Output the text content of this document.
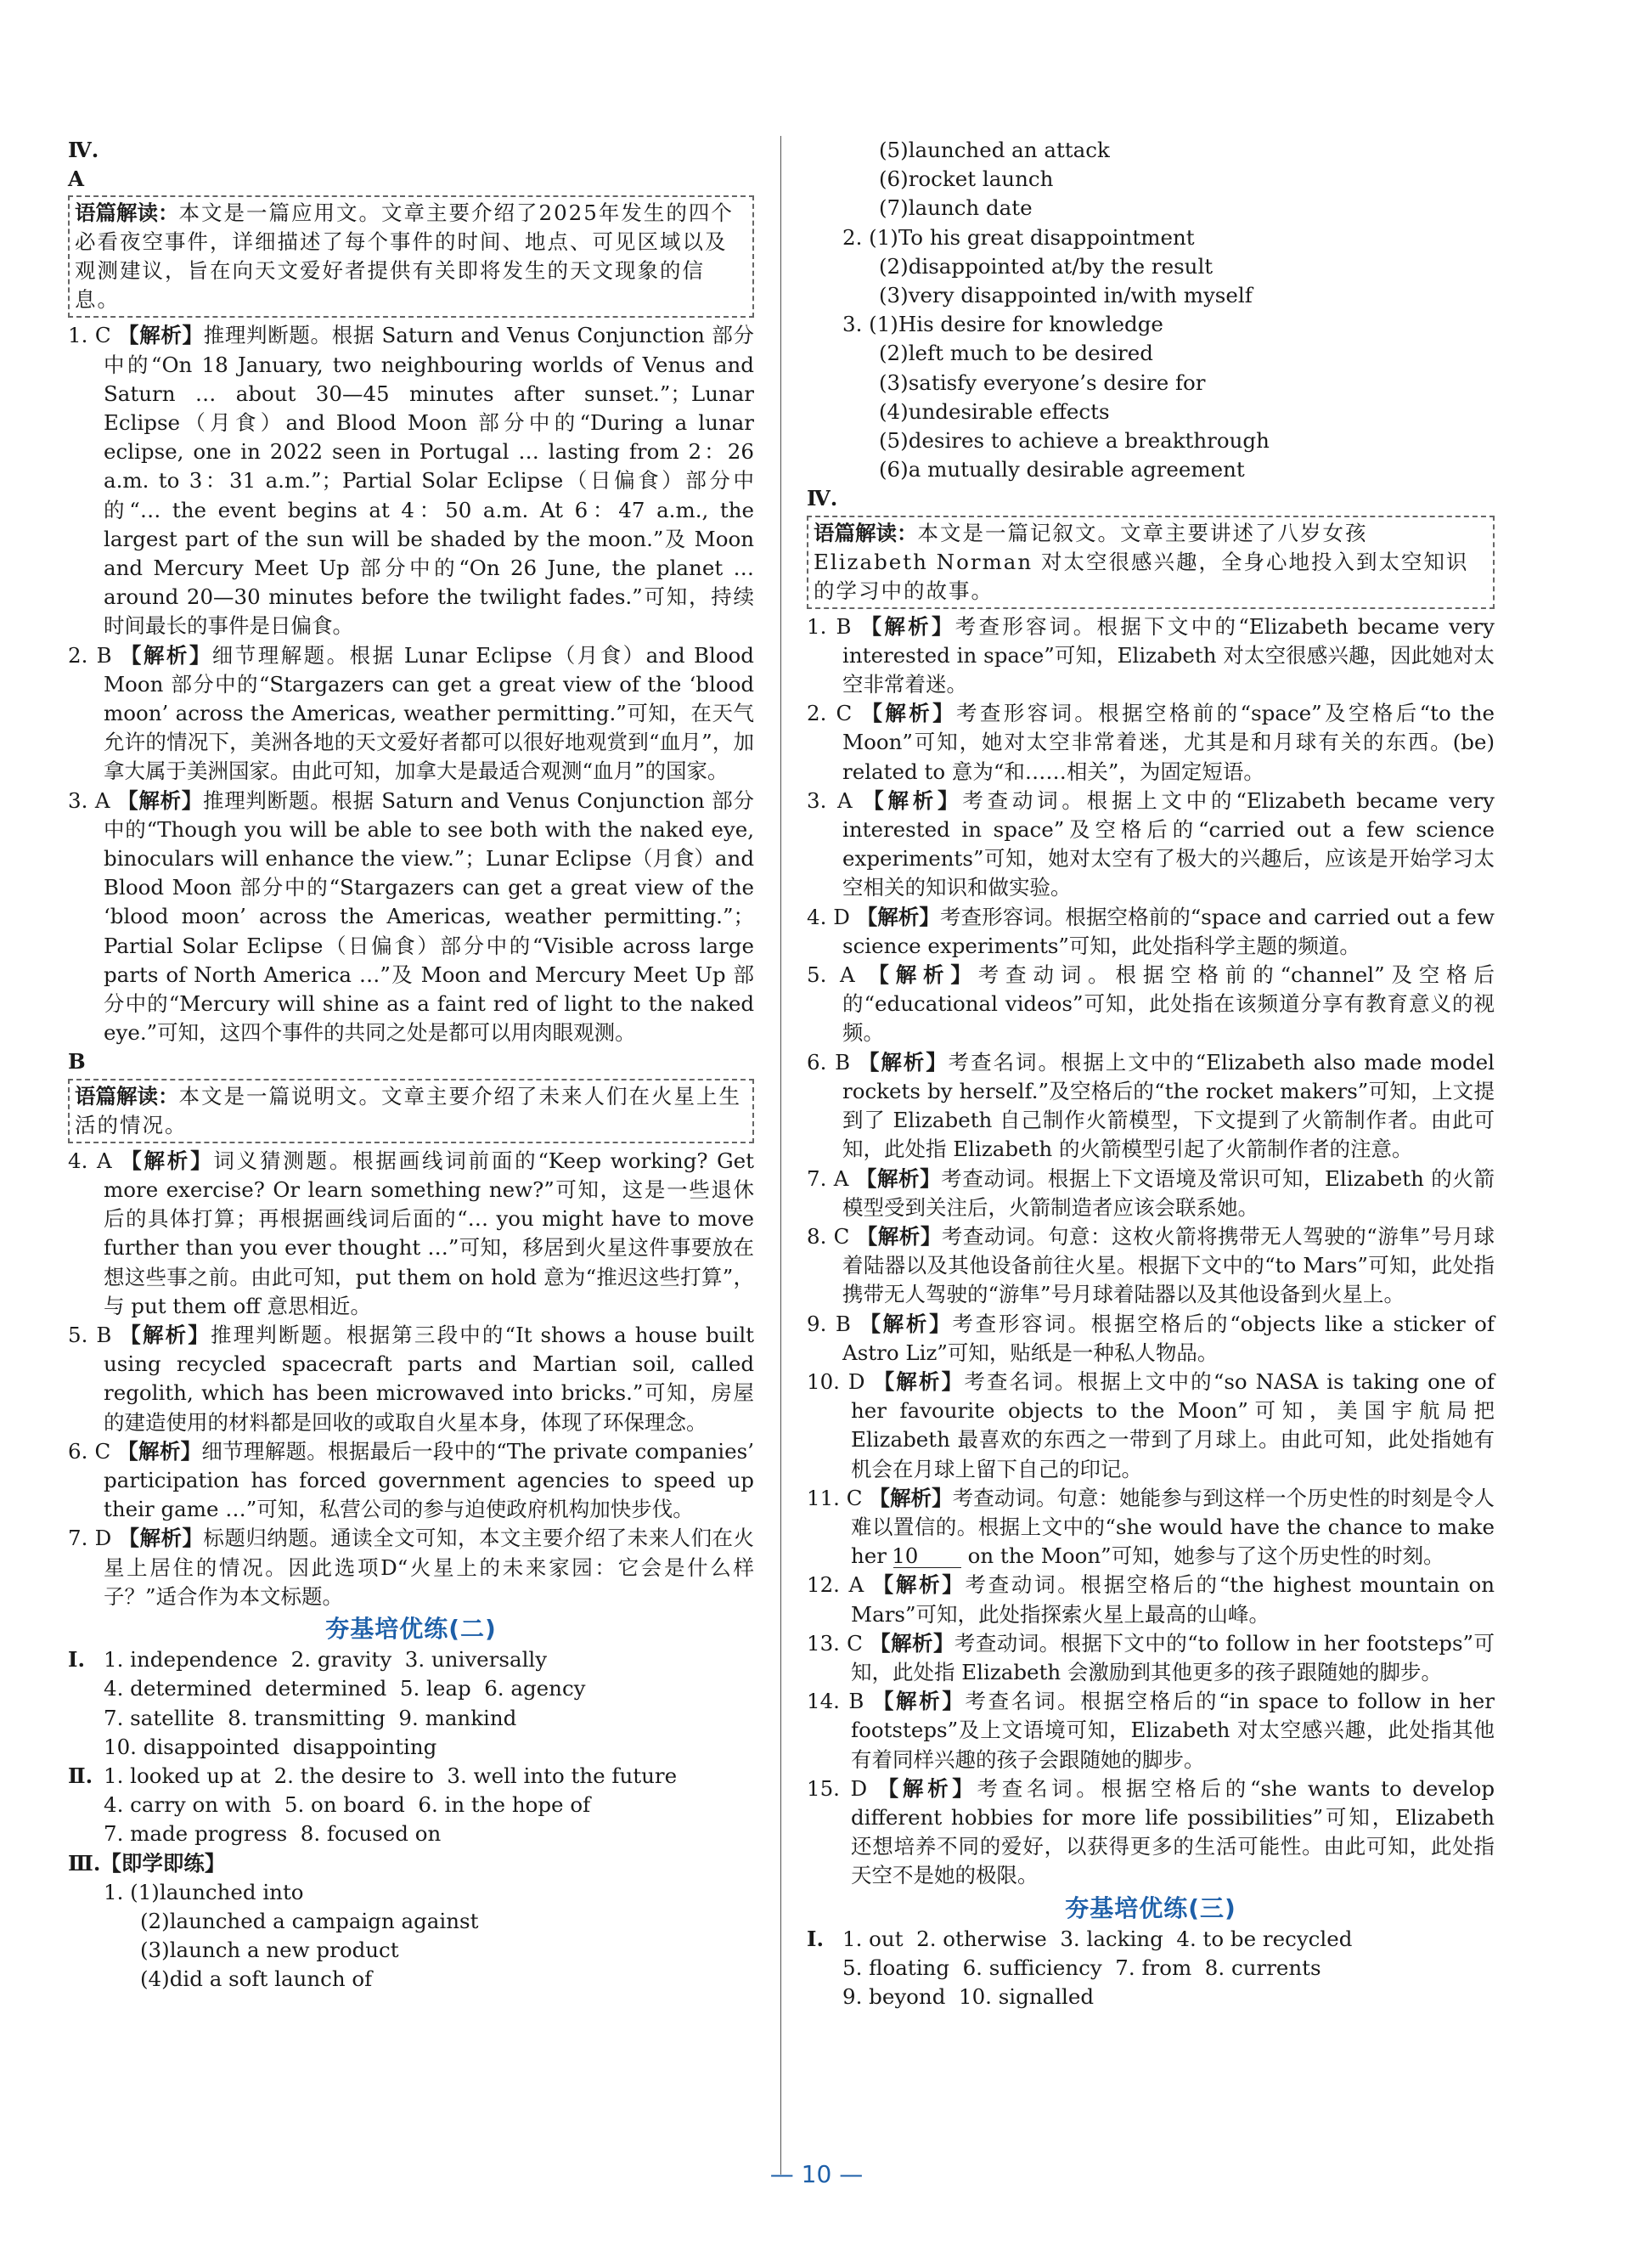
Ⅳ.
A
语篇解读：本文是一篇应用文。文章主要介绍了2025年发生的四个必看夜空事件，详细描述了每个事件的时间、地点、可见区域以及观测建议，旨在向天文爱好者提供有关即将发生的天文现象的信息。
1. C 【解析】推理判断题。根据 Saturn and Venus Conjunction 部分中的“On 18 January, two neighbouring worlds of Venus and Saturn … about 30—45 minutes after sunset.”；Lunar Eclipse（月食）and Blood Moon 部分中的“During a lunar eclipse, one in 2022 seen in Portugal … lasting from 2：26 a.m. to 3：31 a.m.”；Partial Solar Eclipse（日偏食）部分中的“… the event begins at 4：50 a.m. At 6：47 a.m., the largest part of the sun will be shaded by the moon.”及 Moon and Mercury Meet Up 部分中的“On 26 June, the planet … around 20—30 minutes before the twilight fades.”可知，持续时间最长的事件是日偏食。
2. B 【解析】细节理解题。根据 Lunar Eclipse（月食）and Blood Moon 部分中的“Stargazers can get a great view of the ‘blood moon’ across the Americas, weather permitting.”可知，在天气允许的情况下，美洲各地的天文爱好者都可以很好地观赏到“血月”，加拿大属于美洲国家。由此可知，加拿大是最适合观测“血月”的国家。
3. A 【解析】推理判断题。根据 Saturn and Venus Conjunction 部分中的“Though you will be able to see both with the naked eye, binoculars will enhance the view.”；Lunar Eclipse（月食）and Blood Moon 部分中的“Stargazers can get a great view of the ‘blood moon’ across the Americas, weather permitting.”；Partial Solar Eclipse（日偏食）部分中的“Visible across large parts of North America …”及 Moon and Mercury Meet Up 部分中的“Mercury will shine as a faint red of light to the naked eye.”可知，这四个事件的共同之处是都可以用肉眼观测。
B
语篇解读：本文是一篇说明文。文章主要介绍了未来人们在火星上生活的情况。
4. A 【解析】词义猜测题。根据画线词前面的“Keep working? Get more exercise? Or learn something new?”可知，这是一些退休后的具体打算；再根据画线词后面的“… you might have to move further than you ever thought …”可知，移居到火星这件事要放在想这些事之前。由此可知，put them on hold 意为“推迟这些打算”，与 put them off 意思相近。
5. B 【解析】推理判断题。根据第三段中的“It shows a house built using recycled spacecraft parts and Martian soil, called regolith, which has been microwaved into bricks.”可知，房屋的建造使用的材料都是回收的或取自火星本身，体现了环保理念。
6. C 【解析】细节理解题。根据最后一段中的“The private companies’ participation has forced government agencies to speed up their game …”可知，私营公司的参与迫使政府机构加快步伐。
7. D 【解析】标题归纳题。通读全文可知，本文主要介绍了未来人们在火星上居住的情况。因此选项D“火星上的未来家园：它会是什么样子？”适合作为本文标题。
夯基培优练(二)
Ⅰ. 1. independence  2. gravity  3. universally
4. determined  determined  5. leap  6. agency
7. satellite  8. transmitting  9. mankind
10. disappointed  disappointing
Ⅱ. 1. looked up at  2. the desire to  3. well into the future
4. carry on with  5. on board  6. in the hope of
7. made progress  8. focused on
Ⅲ.【即学即练】
1. (1)launched into
(2)launched a campaign against
(3)launch a new product
(4)did a soft launch of
(5)launched an attack
(6)rocket launch
(7)launch date
2. (1)To his great disappointment
(2)disappointed at/by the result
(3)very disappointed in/with myself
3. (1)His desire for knowledge
(2)left much to be desired
(3)satisfy everyone’s desire for
(4)undesirable effects
(5)desires to achieve a breakthrough
(6)a mutually desirable agreement
Ⅳ.
语篇解读：本文是一篇记叙文。文章主要讲述了八岁女孩 Elizabeth Norman 对太空很感兴趣，全身心地投入到太空知识的学习中的故事。
1. B 【解析】考查形容词。根据下文中的“Elizabeth became very interested in space”可知，Elizabeth 对太空很感兴趣，因此她对太空非常着迷。
2. C 【解析】考查形容词。根据空格前的“space”及空格后“to the Moon”可知，她对太空非常着迷，尤其是和月球有关的东西。(be) related to 意为“和……相关”，为固定短语。
3. A 【解析】考查动词。根据上文中的“Elizabeth became very interested in space”及空格后的“carried out a few science experiments”可知，她对太空有了极大的兴趣后，应该是开始学习太空相关的知识和做实验。
4. D 【解析】考查形容词。根据空格前的“space and carried out a few science experiments”可知，此处指科学主题的频道。
5. A 【解析】考查动词。根据空格前的“channel”及空格后的“educational videos”可知，此处指在该频道分享有教育意义的视频。
6. B 【解析】考查名词。根据上文中的“Elizabeth also made model rockets by herself.”及空格后的“the rocket makers”可知，上文提到了 Elizabeth 自己制作火箭模型，下文提到了火箭制作者。由此可知，此处指 Elizabeth 的火箭模型引起了火箭制作者的注意。
7. A 【解析】考查动词。根据上下文语境及常识可知，Elizabeth 的火箭模型受到关注后，火箭制造者应该会联系她。
8. C 【解析】考查动词。句意：这枚火箭将携带无人驾驶的“游隼”号月球着陆器以及其他设备前往火星。根据下文中的“to Mars”可知，此处指携带无人驾驶的“游隼”号月球着陆器以及其他设备到火星上。
9. B 【解析】考查形容词。根据空格后的“objects like a sticker of Astro Liz”可知，贴纸是一种私人物品。
10. D 【解析】考查名词。根据上文中的“so NASA is taking one of her favourite objects to the Moon”可知，美国宇航局把 Elizabeth 最喜欢的东西之一带到了月球上。由此可知，此处指她有机会在月球上留下自己的印记。
11. C 【解析】考查动词。句意：她能参与到这样一个历史性的时刻是令人难以置信的。根据上文中的“she would have the chance to make her 10 on the Moon”可知，她参与了这个历史性的时刻。
12. A 【解析】考查动词。根据空格后的“the highest mountain on Mars”可知，此处指探索火星上最高的山峰。
13. C 【解析】考查动词。根据下文中的“to follow in her footsteps”可知，此处指 Elizabeth 会激励到其他更多的孩子跟随她的脚步。
14. B 【解析】考查名词。根据空格后的“in space to follow in her footsteps”及上文语境可知，Elizabeth 对太空感兴趣，此处指其他有着同样兴趣的孩子会跟随她的脚步。
15. D 【解析】考查名词。根据空格后的“she wants to develop different hobbies for more life possibilities”可知，Elizabeth 还想培养不同的爱好，以获得更多的生活可能性。由此可知，此处指天空不是她的极限。
夯基培优练(三)
Ⅰ. 1. out  2. otherwise  3. lacking  4. to be recycled
5. floating  6. sufficiency  7. from  8. currents
9. beyond  10. signalled
— 10 —
